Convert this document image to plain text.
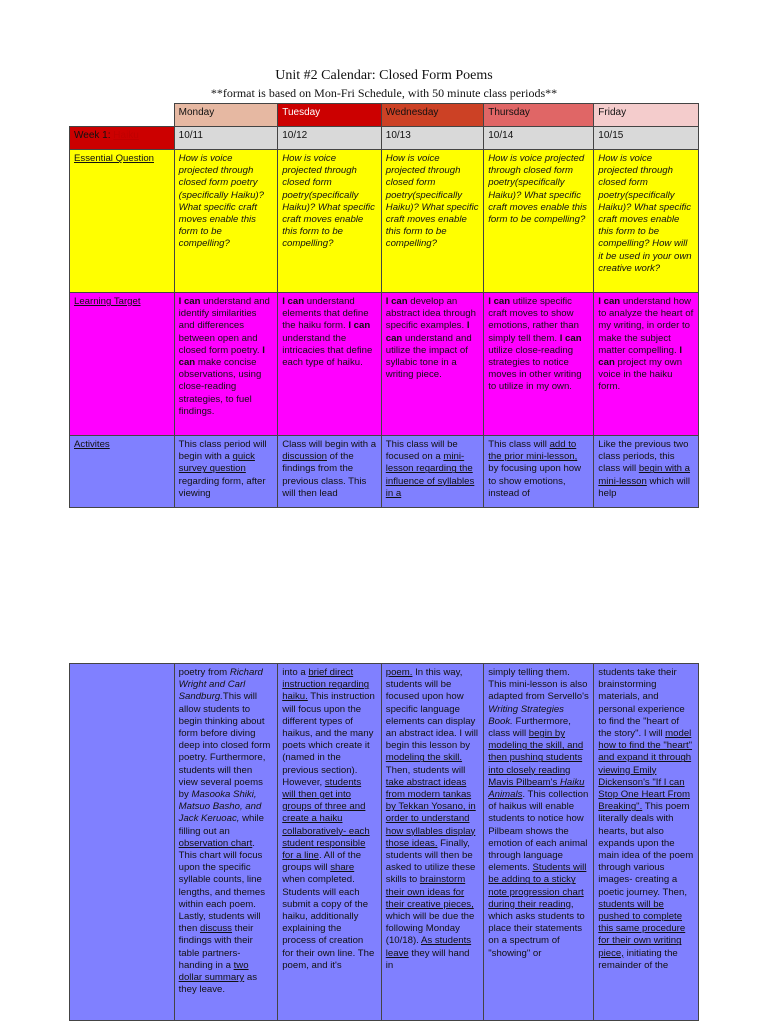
Unit #2 Calendar: Closed Form Poems
**format is based on Mon-Fri Schedule, with 50 minute class periods**
	Monday	Tuesday	Wednesday	Thursday	Friday
Week 1: Haiku	10/11	10/12	10/13	10/14	10/15
Essential Question	How is voice projected through closed form poetry (specifically Haiku)? What specific craft moves enable this form to be compelling?	How is voice projected through closed form poetry(specifically Haiku)? What specific craft moves enable this form to be compelling?	How is voice projected through closed form poetry(specifically Haiku)? What specific craft moves enable this form to be compelling?	How is voice projected through closed form poetry(specifically Haiku)? What specific craft moves enable this form to be compelling?	How is voice projected through closed form poetry(specifically Haiku)? What specific craft moves enable this form to be compelling? How will it be used in your own creative work?
Learning Target	I can understand and identify similarities and differences between open and closed form poetry. I can make concise observations, using close-reading strategies, to fuel findings.	I can understand elements that define the haiku form. I can understand the intricacies that define each type of haiku.	I can develop an abstract idea through specific examples. I can understand and utilize the impact of syllabic tone in a writing piece.	I can utilize specific craft moves to show emotions, rather than simply tell them. I can utilize close-reading strategies to notice moves in other writing to utilize in my own.	I can understand how to analyze the heart of my writing, in order to make the subject matter compelling. I can project my own voice in the haiku form.
Activites	This class period will begin with a quick survey question regarding form, after viewing	Class will begin with a discussion of the findings from the previous class. This will then lead	This class will be focused on a mini-lesson regarding the influence of syllables in a	This class will add to the prior mini-lesson, by focusing upon how to show emotions, instead of	Like the previous two class periods, this class will begin with a mini-lesson which will help
	poetry from Richard Wright and Carl Sandburg.This will allow students to begin thinking about form before diving deep into closed form poetry. Furthermore, students will then view several poems by Masooka Shiki, Matsuo Basho, and Jack Keruoac, while filling out an observation chart. This chart will focus upon the specific syllable counts, line lengths, and themes within each poem. Lastly, students will then discuss their findings with their table partners- handing in a two dollar summary as they leave.	into a brief direct instruction regarding haiku. This instruction will focus upon the different types of haikus, and the many poets which create it (named in the previous section). However, students will then get into groups of three and create a haiku collaboratively- each student responsible for a line. All of the groups will share when completed. Students will each submit a copy of the haiku, additionally explaining the process of creation for their own line. The poem, and it's	poem. In this way, students will be focused upon how specific language elements can display an abstract idea. I will begin this lesson by modeling the skill. Then, students will take abstract ideas from modern tankas by Tekkan Yosano, in order to understand how syllables display those ideas. Finally, students will then be asked to utilize these skills to brainstorm their own ideas for their creative pieces, which will be due the following Monday (10/18). As students leave they will hand in	simply telling them. This mini-lesson is also adapted from Servello's Writing Strategies Book. Furthermore, class will begin by modeling the skill, and then pushing students into closely reading Mavis Pilbeam's Haiku Animals. This collection of haikus will enable students to notice how Pilbeam shows the emotion of each animal through language elements. Students will be adding to a sticky note progression chart during their reading, which asks students to place their statements on a spectrum of "showing" or	students take their brainstorming materials, and personal experience to find the "heart of the story". I will model how to find the "heart" and expand it through viewing Emily Dickenson's "If I can Stop One Heart From Breaking". This poem literally deals with hearts, but also expands upon the main idea of the poem through various images- creating a poetic journey. Then, students will be pushed to complete this same procedure for their own writing piece, initiating the remainder of the
